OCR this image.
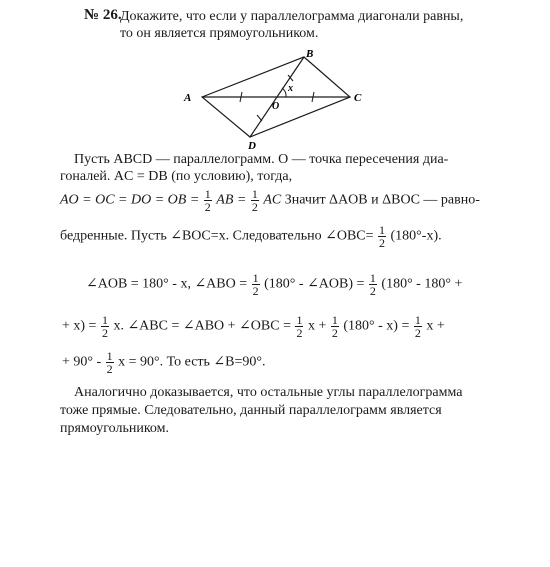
№ 26.
Докажите, что если у параллелограмма диагонали равны,
то он является прямоугольником.
A
B
C
D
O
x
Пусть ABCD — параллелограмм. O — точка пересечения диа-
гоналей. AC = DB (по условию), тогда,
AO = OC = DO = OB = $\frac{1}{2}$ AB = $\frac{1}{2}$ AC Значит ΔAOB и ΔBOC — равно-
бедренные. Пусть ∠BOC=x. Следовательно ∠OBC= $\frac{1}{2} (180^\circ-x)$.
∠AOB = 180° - x, ∠ABO = $\frac{1}{2} (180^\circ$ - ∠AOB) = $\frac{1}{2} (180^\circ - 180^\circ$ +
+ $x) = \frac{1}{2} x$. ∠ABC = ∠ABO + ∠OBC = $\frac{1}{2}$ $x + \frac{1}{2} (180^\circ - x) = \frac{1}{2}$ x +
+ $90^\circ - \frac{1}{2}$ x = 90°. То есть ∠B=90°.
Аналогично доказывается, что остальные углы параллелограмма
тоже прямые. Следовательно, данный параллелограмм является
прямоугольником.
